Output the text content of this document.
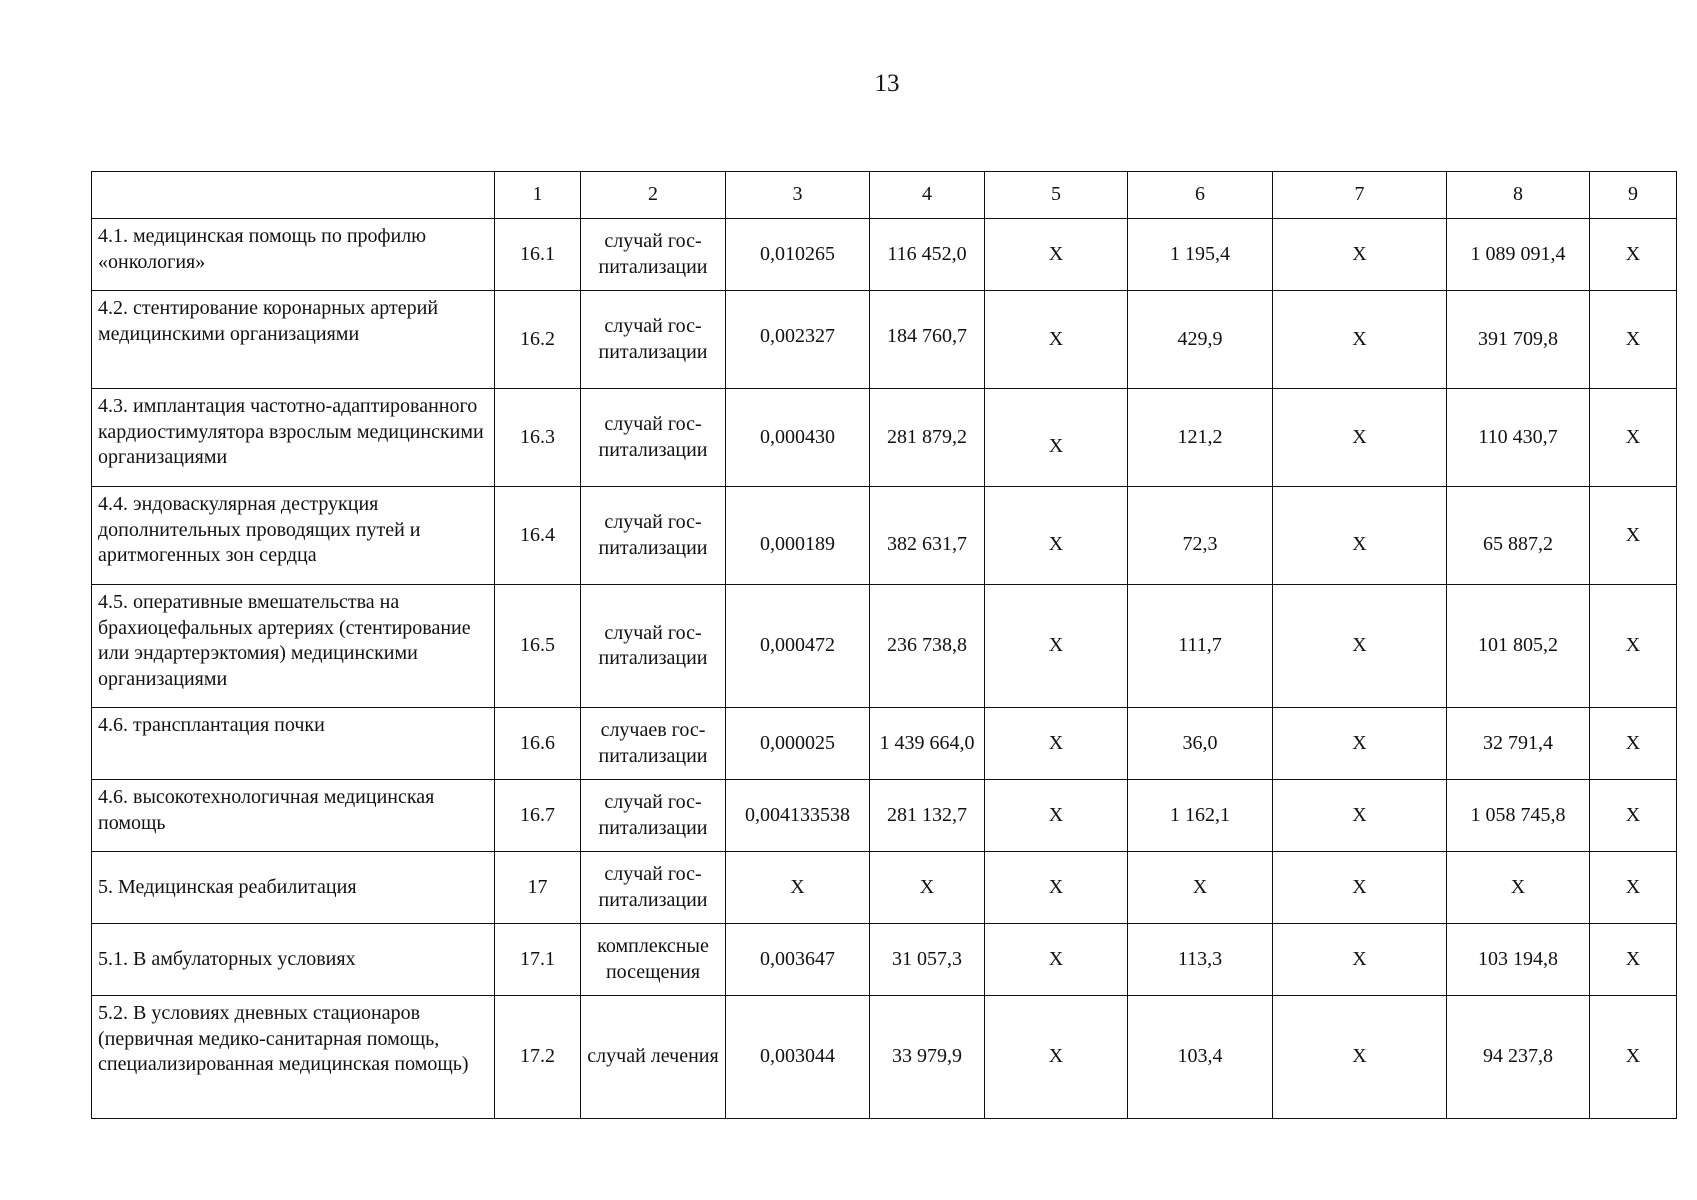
13
	1	2	3	4	5	6	7	8	9
4.1. медицинская помощь по профилю «онкология»	16.1	случай гос-питализации	0,010265	116 452,0	Х	1 195,4	Х	1 089 091,4	Х
4.2. стентирование коронарных артерий медицинскими организациями	16.2	случай гос-питализации	0,002327	184 760,7	Х	429,9	Х	391 709,8	Х
4.3. имплантация частотно-адаптированного кардиостимулятора взрослым медицинскими организациями	16.3	случай гос-питализации	0,000430	281 879,2	Х	121,2	Х	110 430,7	Х
4.4. эндоваскулярная деструкция дополнительных проводящих путей и аритмогенных зон сердца	16.4	случай гос-питализации	0,000189	382 631,7	Х	72,3	Х	65 887,2	Х
4.5. оперативные вмешательства на брахиоцефальных артериях (стентирование или эндартерэктомия) медицинскими организациями	16.5	случай гос-питализации	0,000472	236 738,8	Х	111,7	Х	101 805,2	Х
4.6. трансплантация почки	16.6	случаев гос-питализации	0,000025	1 439 664,0	Х	36,0	Х	32 791,4	Х
4.6. высокотехнологичная медицинская помощь	16.7	случай гос-питализации	0,004133538	281 132,7	Х	1 162,1	Х	1 058 745,8	Х
5. Медицинская реабилитация	17	случай гос-питализации	Х	Х	Х	Х	Х	Х	Х
5.1. В амбулаторных условиях	17.1	комплексные посещения	0,003647	31 057,3	Х	113,3	Х	103 194,8	Х
5.2. В условиях дневных стационаров (первичная медико-санитарная помощь, специализированная медицинская помощь)	17.2	случай лечения	0,003044	33 979,9	Х	103,4	Х	94 237,8	Х
